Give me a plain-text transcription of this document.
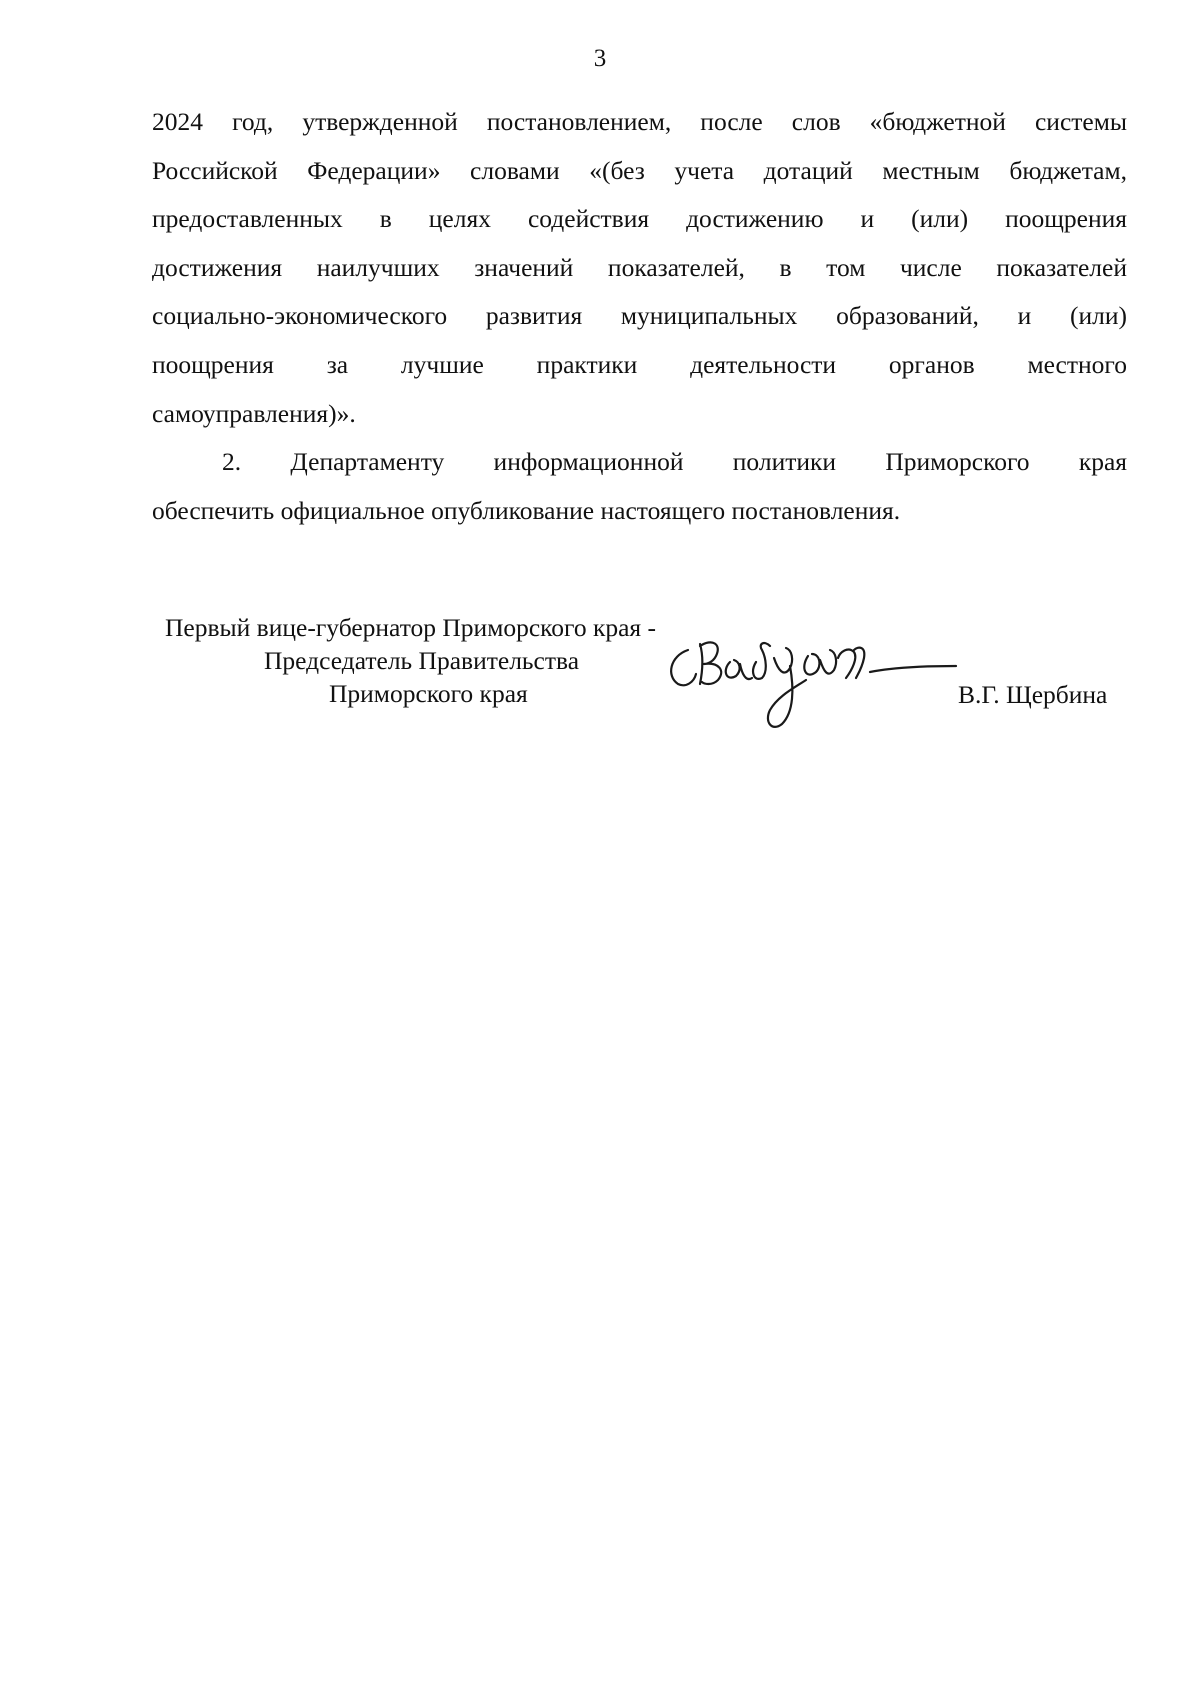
3

2024 год, утвержденной постановлением, после слов «бюджетной системы
Российской Федерации» словами «(без учета дотаций местным бюджетам,
предоставленных в целях содействия достижению и (или) поощрения
достижения наилучших значений показателей, в том числе показателей
социально-экономического развития муниципальных образований, и (или)
поощрения за лучшие практики деятельности органов местного
самоуправления)».

2. Департаменту информационной политики Приморского края
обеспечить официальное опубликование настоящего постановления.

Первый вице-губернатор Приморского края -
Председатель Правительства
Приморского края	В.Г. Щербина
